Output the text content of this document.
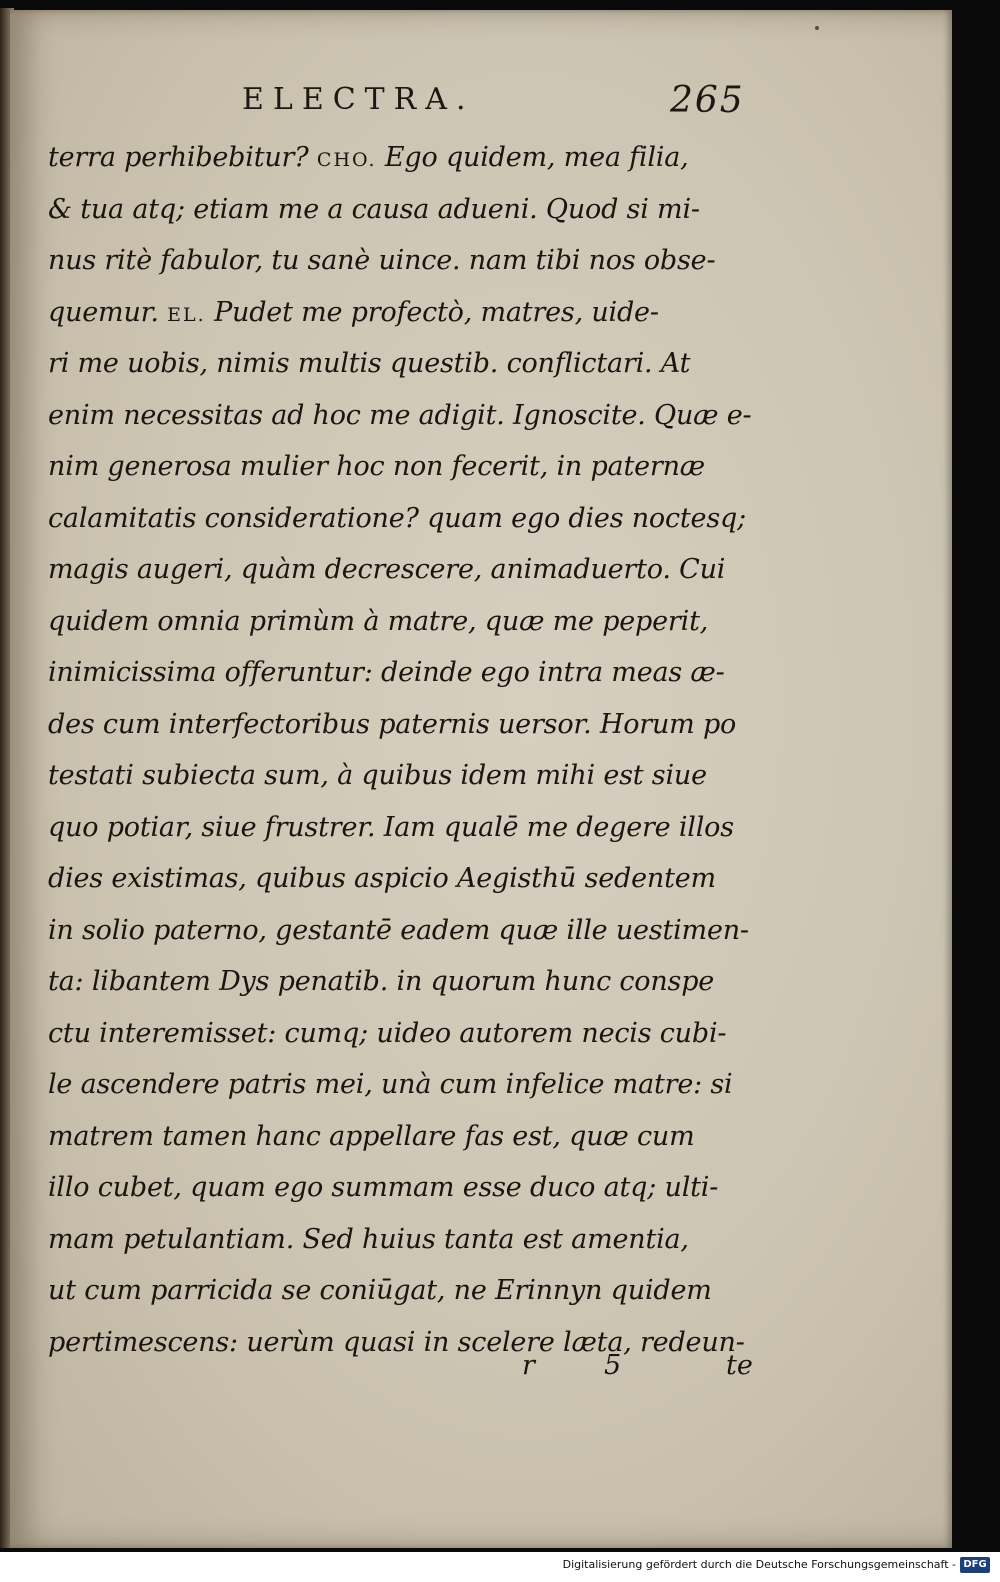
ELECTRA.	265
terra perhibebitur? CHO. Ego quidem, mea filia,
& tua atq; etiam me a causa adueni. Quod si mi-
nus ritè fabulor, tu sanè uince. nam tibi nos obse-
quemur. EL. Pudet me profectò, matres, uide-
ri me uobis, nimis multis questib. conflictari. At
enim necessitas ad hoc me adigit. Ignoscite. Quæ e-
nim generosa mulier hoc non fecerit, in paternæ
calamitatis consideratione? quam ego dies noctesq;
magis augeri, quàm decrescere, animaduerto. Cui
quidem omnia primùm à matre, quæ me peperit,
inimicissima offeruntur: deinde ego intra meas æ-
des cum interfectoribus paternis uersor. Horum po
testati subiecta sum, à quibus idem mihi est siue
quo potiar, siue frustrer. Iam qualē me degere illos
dies existimas, quibus aspicio Aegisthū sedentem
in solio paterno, gestantē eadem quæ ille uestimen-
ta: libantem Dys penatib. in quorum hunc conspe
ctu interemisset: cumq; uideo autorem necis cubi-
le ascendere patris mei, unà cum infelice matre: si
matrem tamen hanc appellare fas est, quæ cum
illo cubet, quam ego summam esse duco atq; ulti-
mam petulantiam. Sed huius tanta est amentia,
ut cum parricida se coniūgat, ne Erinnyn quidem
pertimescens: uerùm quasi in scelere læta, redeun-
r	5	te
Digitalisierung gefördert durch die Deutsche Forschungsgemeinschaft - DFG
